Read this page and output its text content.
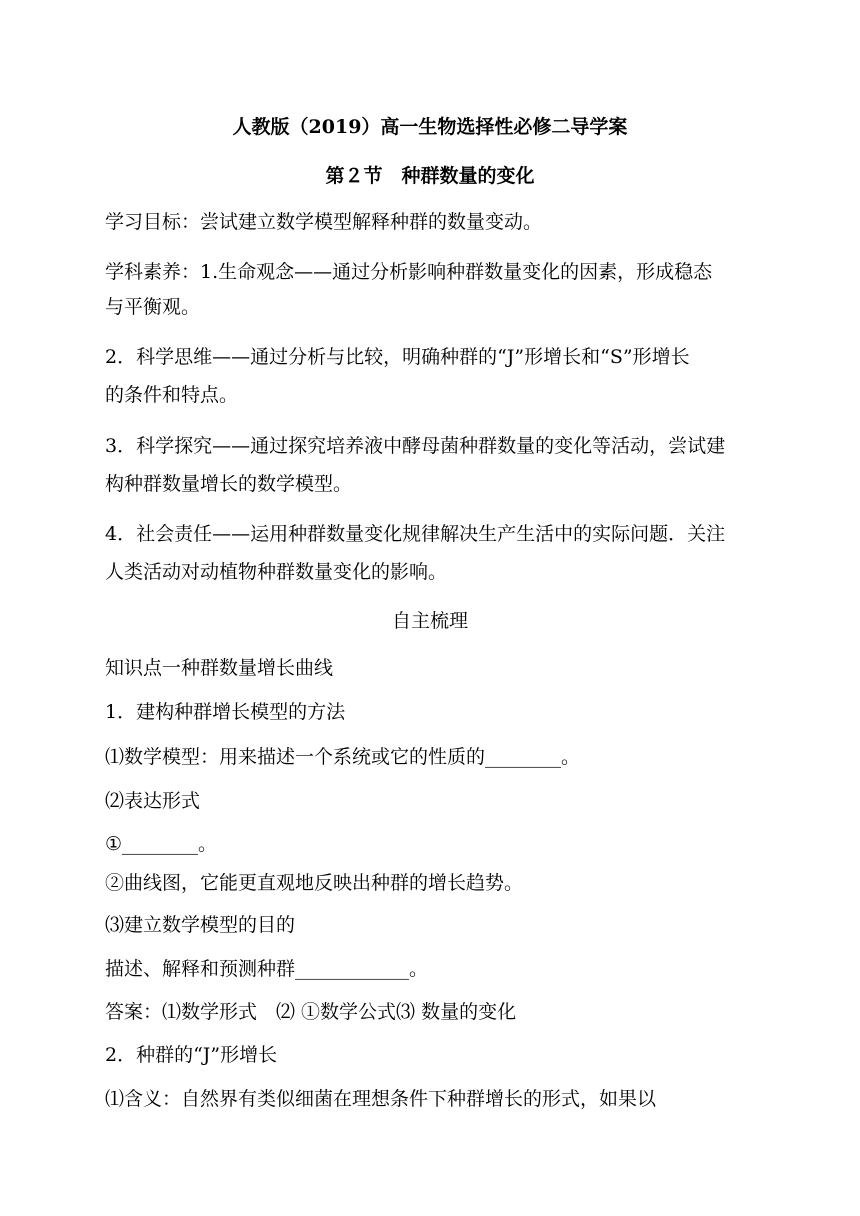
人教版（2019）高一生物选择性必修二导学案
第２节　种群数量的变化
学习目标：尝试建立数学模型解释种群的数量变动。
学科素养：1.生命观念——通过分析影响种群数量变化的因素，形成稳态
与平衡观。
2．科学思维——通过分析与比较，明确种群的“J”形增长和“S”形增长
的条件和特点。
3．科学探究——通过探究培养液中酵母菌种群数量的变化等活动，尝试建
构种群数量增长的数学模型。
4．社会责任——运用种群数量变化规律解决生产生活中的实际问题．关注
人类活动对动植物种群数量变化的影响。
自主梳理
知识点一种群数量增长曲线
1．建构种群增长模型的方法
⑴数学模型：用来描述一个系统或它的性质的________。
⑵表达形式
①________。
②曲线图，它能更直观地反映出种群的增长趋势。
⑶建立数学模型的目的
描述、解释和预测种群____________。
答案：⑴数学形式　⑵ ①数学公式⑶ 数量的变化
2．种群的“J”形增长
⑴含义：自然界有类似细菌在理想条件下种群增长的形式，如果以
